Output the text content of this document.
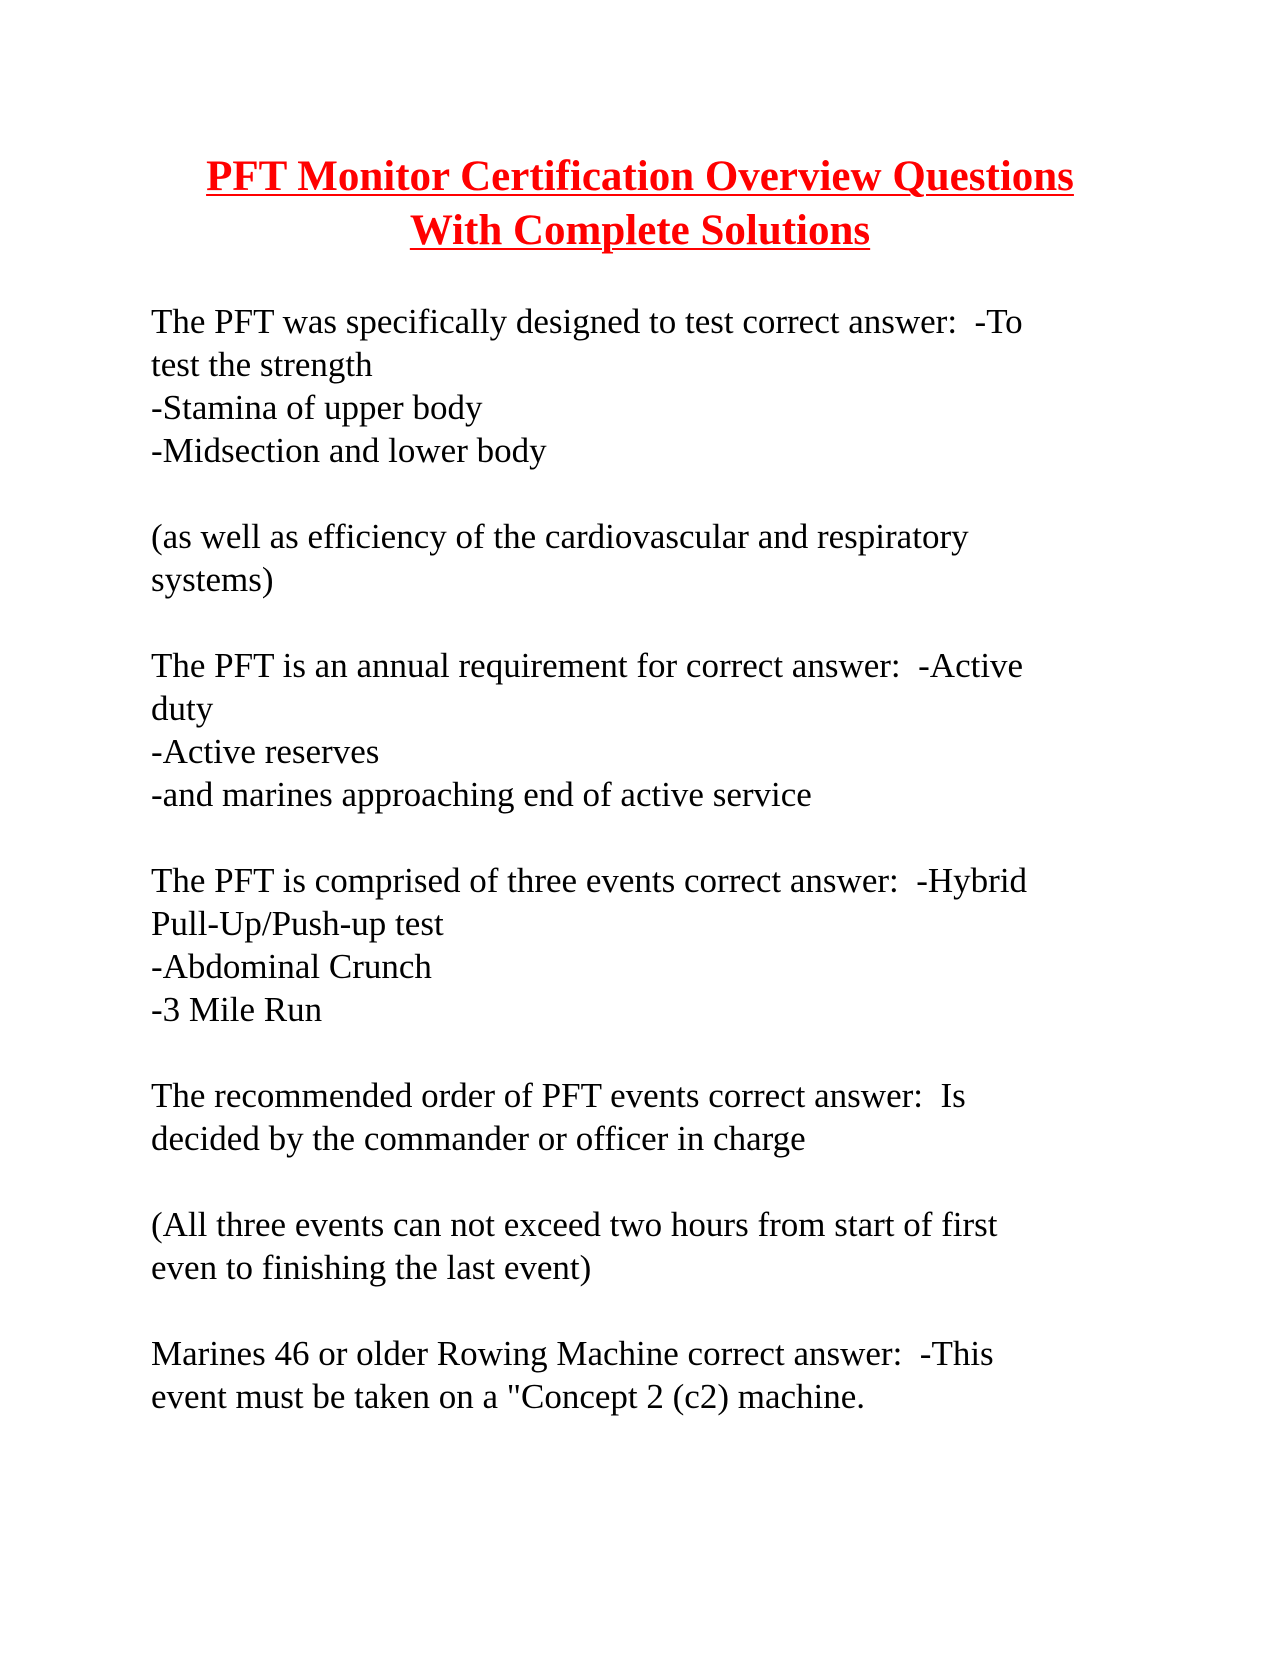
PFT Monitor Certification Overview Questions
With Complete Solutions
The PFT was specifically designed to test correct answer:  -To
test the strength
-Stamina of upper body
-Midsection and lower body
(as well as efficiency of the cardiovascular and respiratory
systems)
The PFT is an annual requirement for correct answer:  -Active
duty
-Active reserves
-and marines approaching end of active service
The PFT is comprised of three events correct answer:  -Hybrid
Pull-Up/Push-up test
-Abdominal Crunch
-3 Mile Run
The recommended order of PFT events correct answer:  Is
decided by the commander or officer in charge
(All three events can not exceed two hours from start of first
even to finishing the last event)
Marines 46 or older Rowing Machine correct answer:  -This
event must be taken on a "Concept 2 (c2) machine.
